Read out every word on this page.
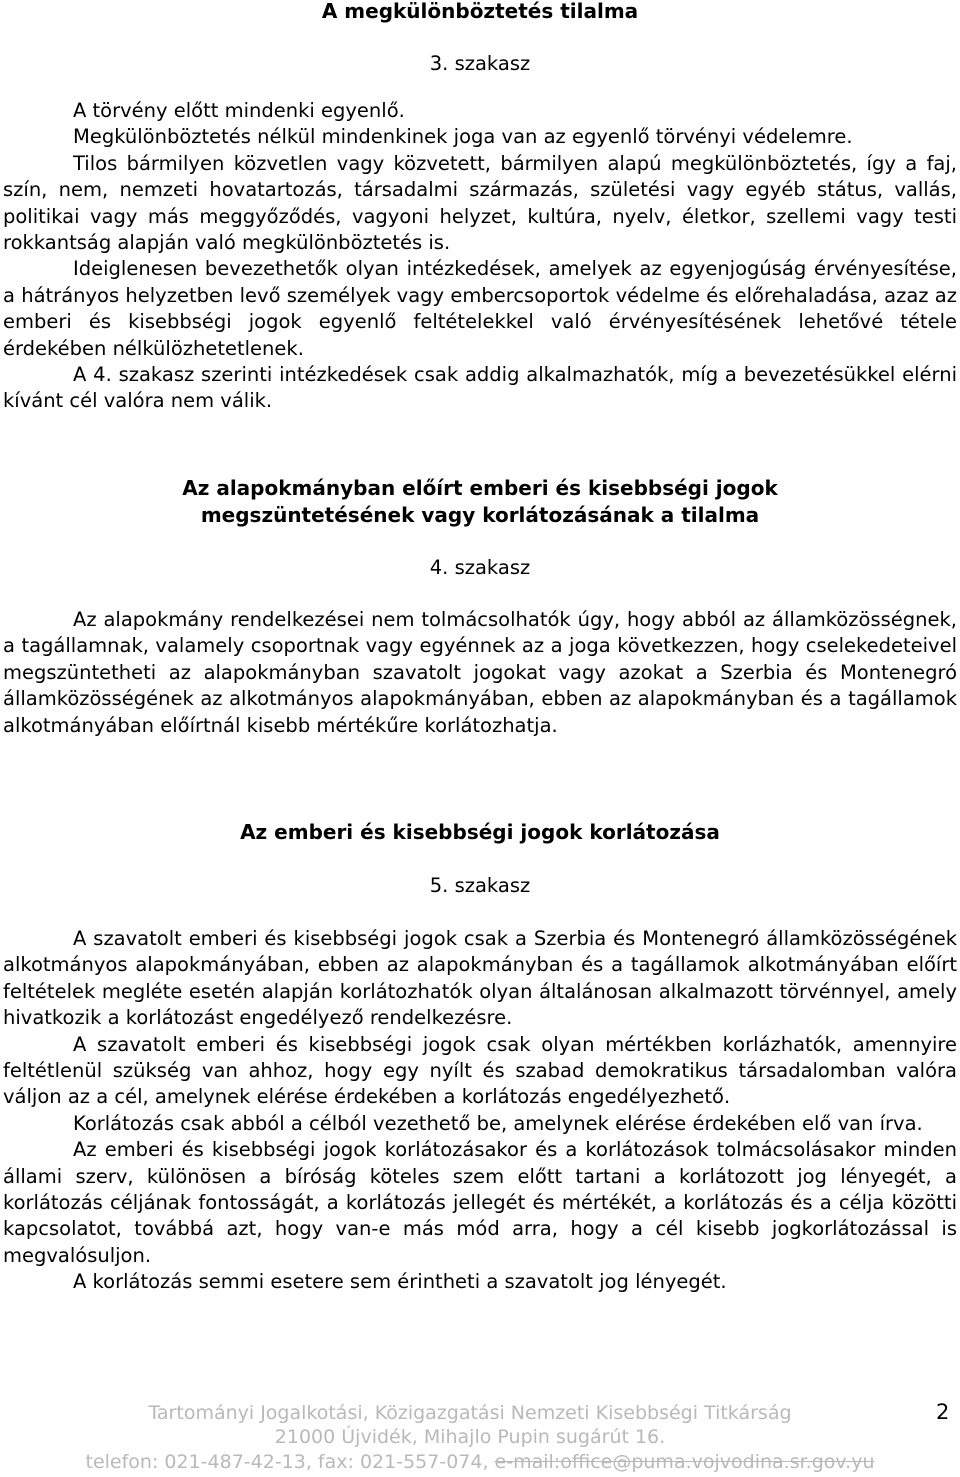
A megkülönböztetés tilalma
3. szakasz

A törvény előtt mindenki egyenlő.

Megkülönböztetés nélkül mindenkinek joga van az egyenlő törvényi védelemre.

Tilos bármilyen közvetlen vagy közvetett, bármilyen alapú megkülönböztetés, így a faj, szín, nem, nemzeti hovatartozás, társadalmi származás, születési vagy egyéb státus, vallás, politikai vagy más meggyőződés, vagyoni helyzet, kultúra, nyelv, életkor, szellemi vagy testi rokkantság alapján való megkülönböztetés is.

Ideiglenesen bevezethetők olyan intézkedések, amelyek az egyenjogúság érvényesítése, a hátrányos helyzetben levő személyek vagy embercsoportok védelme és előrehaladása, azaz az emberi és kisebbségi jogok egyenlő feltételekkel való érvényesítésének lehetővé tétele érdekében nélkülözhetetlenek.

A 4. szakasz szerinti intézkedések csak addig alkalmazhatók, míg a bevezetésükkel elérni kívánt cél valóra nem válik.

Az alapokmányban előírt emberi és kisebbségi jogok
megszüntetésének vagy korlátozásának a tilalma
4. szakasz

Az alapokmány rendelkezései nem tolmácsolhatók úgy, hogy abból az államközösségnek, a tagállamnak, valamely csoportnak vagy egyénnek az a joga következzen, hogy cselekedeteivel megszüntetheti az alapokmányban szavatolt jogokat vagy azokat a Szerbia és Montenegró államközösségének az alkotmányos alapokmányában, ebben az alapokmányban és a tagállamok alkotmányában előírtnál kisebb mértékűre korlátozhatja.

Az emberi és kisebbségi jogok korlátozása
5. szakasz

A szavatolt emberi és kisebbségi jogok csak a Szerbia és Montenegró államközösségének alkotmányos alapokmányában, ebben az alapokmányban és a tagállamok alkotmányában előírt feltételek megléte esetén alapján korlátozhatók olyan általánosan alkalmazott törvénnyel, amely hivatkozik a korlátozást engedélyező rendelkezésre.

A szavatolt emberi és kisebbségi jogok csak olyan mértékben korlázhatók, amennyire feltétlenül szükség van ahhoz, hogy egy nyílt és szabad demokratikus társadalomban valóra váljon az a cél, amelynek elérése érdekében a korlátozás engedélyezhető.

Korlátozás csak abból a célból vezethető be, amelynek elérése érdekében elő van írva.

Az emberi és kisebbségi jogok korlátozásakor és a korlátozások tolmácsolásakor minden állami szerv, különösen a bíróság köteles szem előtt tartani a korlátozott jog lényegét, a korlátozás céljának fontosságát, a korlátozás jellegét és mértékét, a korlátozás és a célja közötti kapcsolatot, továbbá azt, hogy van-e más mód arra, hogy a cél kisebb jogkorlátozással is megvalósuljon.

A korlátozás semmi esetere sem érintheti a szavatolt jog lényegét.

Tartományi Jogalkotási, Közigazgatási Nemzeti Kisebbségi Titkárság
21000 Újvidék, Mihajlo Pupin sugárút 16.
telefon: 021-487-42-13, fax: 021-557-074, e-mail:office@puma.vojvodina.sr.gov.yu
2
